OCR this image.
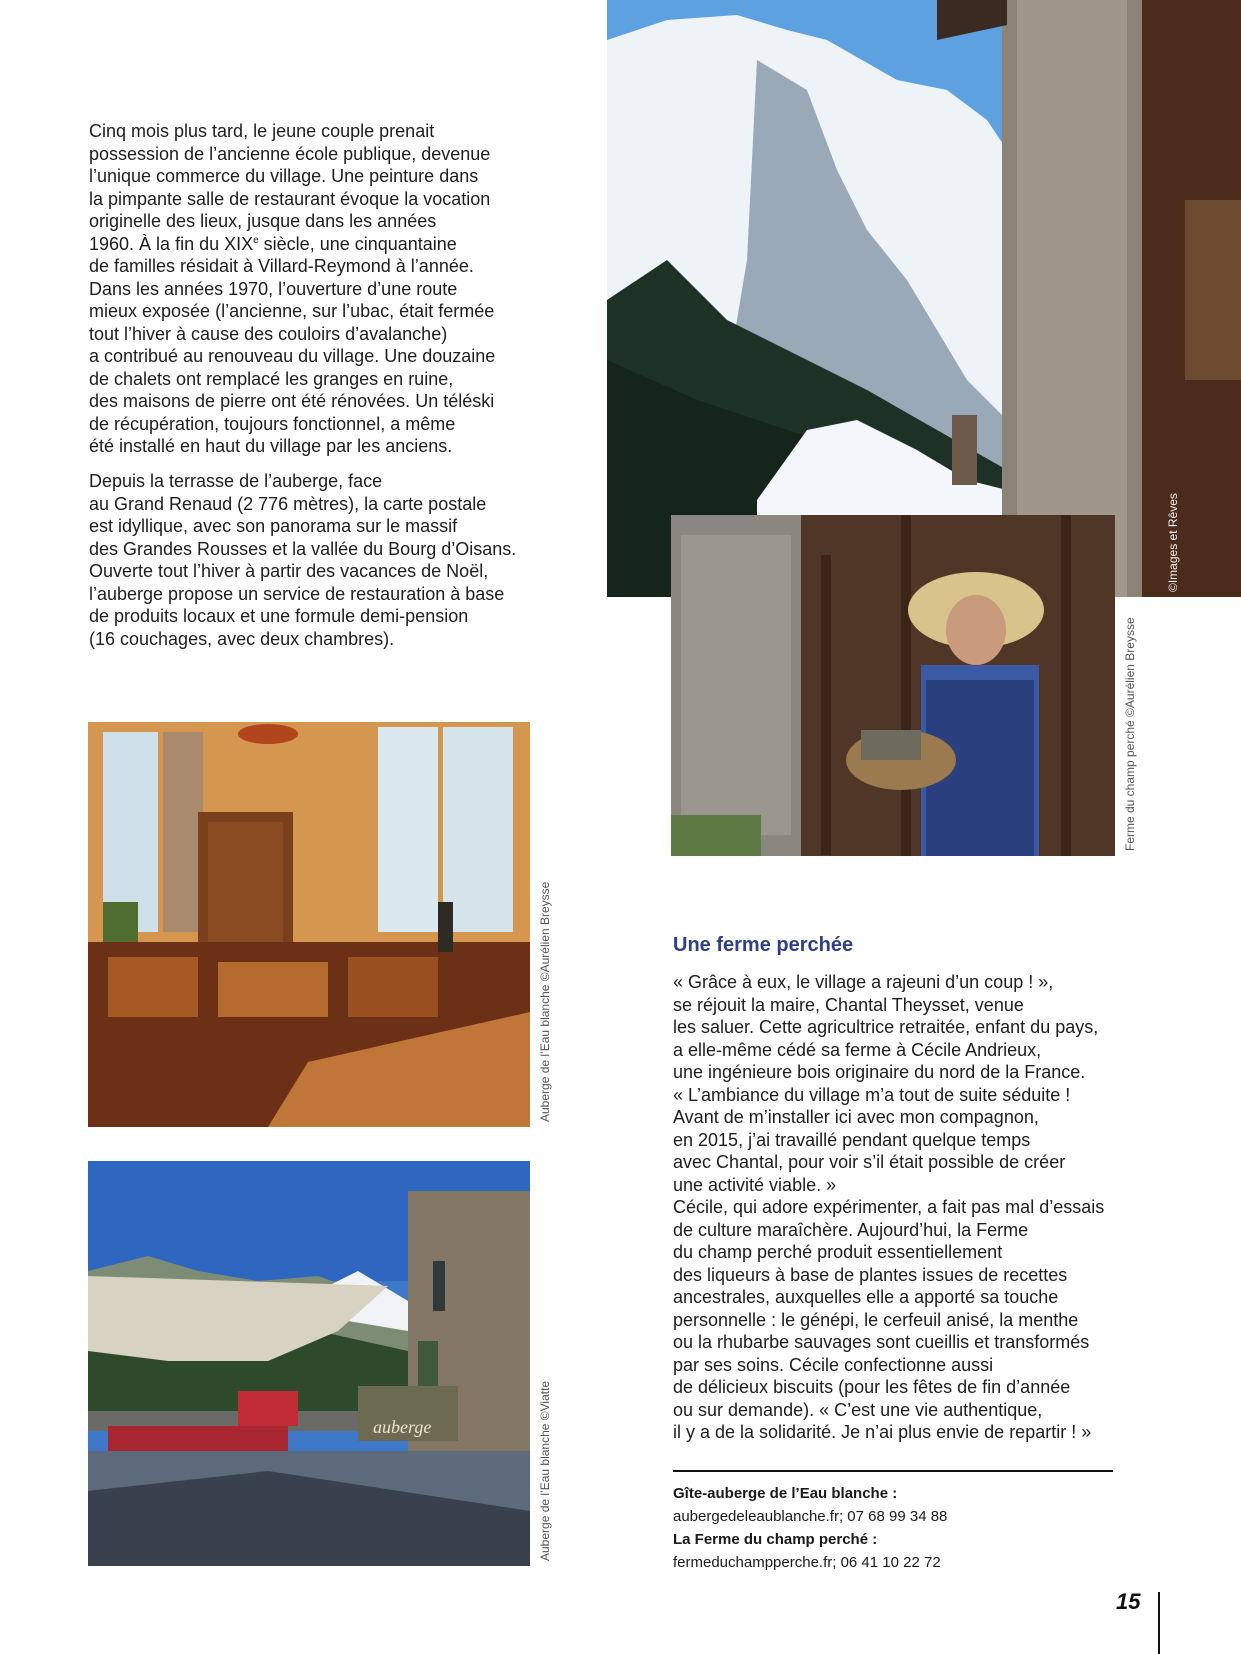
Cinq mois plus tard, le jeune couple prenait
possession de l’ancienne école publique, devenue
l’unique commerce du village. Une peinture dans
la pimpante salle de restaurant évoque la vocation
originelle des lieux, jusque dans les années
1960. À la fin du XIXe siècle, une cinquantaine
de familles résidait à Villard-Reymond à l’année.
Dans les années 1970, l’ouverture d’une route
mieux exposée (l’ancienne, sur l’ubac, était fermée
tout l’hiver à cause des couloirs d’avalanche)
a contribué au renouveau du village. Une douzaine
de chalets ont remplacé les granges en ruine,
des maisons de pierre ont été rénovées. Un téléski
de récupération, toujours fonctionnel, a même
été installé en haut du village par les anciens.

Depuis la terrasse de l’auberge, face
au Grand Renaud (2 776 mètres), la carte postale
est idyllique, avec son panorama sur le massif
des Grandes Rousses et la vallée du Bourg d’Oisans.
Ouverte tout l’hiver à partir des vacances de Noël,
l’auberge propose un service de restauration à base
de produits locaux et une formule demi-pension
(16 couchages, avec deux chambres).

©Images et Rêves
Ferme du champ perché ©Aurélien Breysse
Auberge de l’Eau blanche ©Aurélien Breysse
auberge	Auberge de l’Eau blanche ©Viatte
Une ferme perchée

« Grâce à eux, le village a rajeuni d’un coup ! »,
se réjouit la maire, Chantal Theysset, venue
les saluer. Cette agricultrice retraitée, enfant du pays,
a elle-même cédé sa ferme à Cécile Andrieux,
une ingénieure bois originaire du nord de la France.
« L’ambiance du village m’a tout de suite séduite !
Avant de m’installer ici avec mon compagnon,
en 2015, j’ai travaillé pendant quelque temps
avec Chantal, pour voir s’il était possible de créer
une activité viable. »
Cécile, qui adore expérimenter, a fait pas mal d’essais
de culture maraîchère. Aujourd’hui, la Ferme
du champ perché produit essentiellement
des liqueurs à base de plantes issues de recettes
ancestrales, auxquelles elle a apporté sa touche
personnelle : le génépi, le cerfeuil anisé, la menthe
ou la rhubarbe sauvages sont cueillis et transformés
par ses soins. Cécile confectionne aussi
de délicieux biscuits (pour les fêtes de fin d’année
ou sur demande). « C’est une vie authentique,
il y a de la solidarité. Je n’ai plus envie de repartir ! »

Gîte-auberge de l’Eau blanche :
aubergedeleaublanche.fr; 07 68 99 34 88
La Ferme du champ perché :
fermeduchampperche.fr; 06 41 10 22 72
15
